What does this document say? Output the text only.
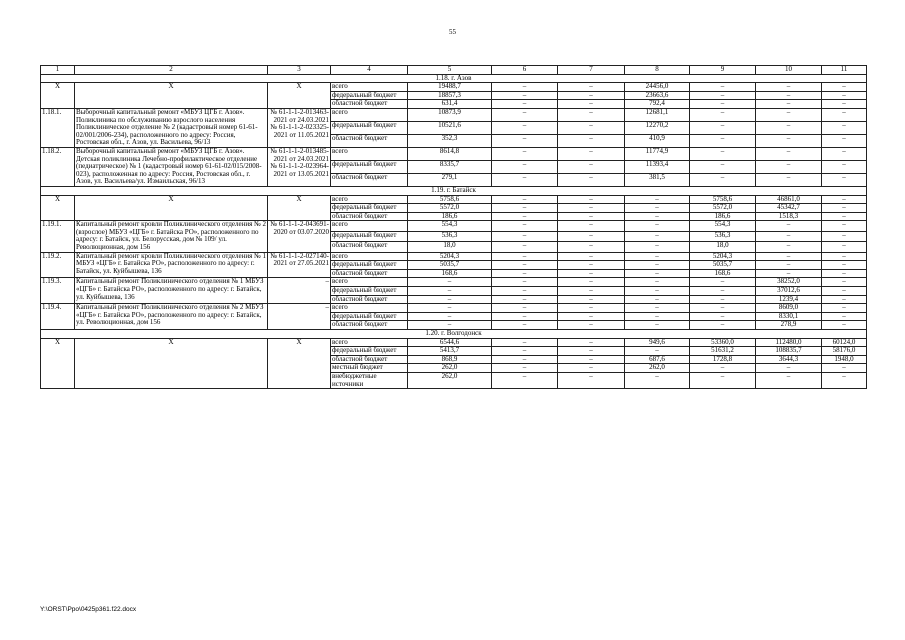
55
1	2	3	4	5	6	7	8	9	10	11
1.18. г. Азов										
X	X	X	всего	19488,7	–	–	24456,0	–	–	–
			федеральный бюджет	18857,3	–	–	23663,6	–	–	–
			областной бюджет	631,4	–	–	792,4	–	–	–
1.18.1.	Выборочный капитальный ремонт «МБУЗ ЦГБ г. Азов». Поликлиника по обслуживанию взрослого населения Поликлиническое отделение № 2 (кадастровый номер 61-61-02/001/2006-234), расположенного по адресу: Россия, Ростовская обл., г. Азов, ул. Васильева, 96/13	№ 61-1-1-2-013463-2021 от 24.03.2021 № 61-1-1-2-023325-2021 от 11.05.2021	всего	10873,9	–	–	12681,1	–	–	–
			федеральный бюджет	10521,6	–	–	12270,2	–	–	–
			областной бюджет	352,3	–	–	410,9	–	–	–
1.18.2.	Выборочный капитальный ремонт «МБУЗ ЦГБ г. Азов». Детская поликлиника Лечебно-профилактическое отделение (педиатрическое) № 1 (кадастровый номер 61-61-02/015/2008-023), расположенная по адресу: Россия, Ростовская обл., г. Азов, ул. Васильева/ул. Измаильская, 96/13	№ 61-1-1-2-013485-2021 от 24.03.2021 № 61-1-1-2-023964-2021 от 13.05.2021	всего	8614,8	–	–	11774,9	–	–	–
			федеральный бюджет	8335,7	–	–	11393,4	–	–	–
			областной бюджет	279,1	–	–	381,5	–	–	–
1.19. г. Батайск										
X	X	X	всего	5758,6	–	–	–	5758,6	46861,0	–
			федеральный бюджет	5572,0	–	–	–	5572,0	45342,7	–
			областной бюджет	186,6	–	–	–	186,6	1518,3	–
1.19.1.	Капитальный ремонт кровли Поликлинического отделения № 2 (взрослое) МБУЗ «ЦГБ» г. Батайска РО», расположенного по адресу: г. Батайск, ул. Белорусская, дом № 109/ ул. Революционная, дом 156	№ 61-1-1-2-043691-2020 от 03.07.2020	всего	554,3	–	–	–	554,3	–	–
			федеральный бюджет	536,3	–	–	–	536,3	–	–
			областной бюджет	18,0	–	–	–	18,0	–	–
1.19.2.	Капитальный ремонт кровли Поликлинического отделения № 1 МБУЗ «ЦГБ» г. Батайска РО», расположенного по адресу: г. Батайск, ул. Куйбышева, 136	№ 61-1-1-2-027140-2021 от 27.05.2021	всего	5204,3	–	–	–	5204,3	–	–
			федеральный бюджет	5035,7	–	–	–	5035,7	–	–
			областной бюджет	168,6	–	–	–	168,6	–	–
1.19.3.	Капитальный ремонт Поликлинического отделения № 1 МБУЗ «ЦГБ» г. Батайска РО», расположенного по адресу: г. Батайск, ул. Куйбышева, 136	–	всего	–	–	–	–	–	38252,0	–
			федеральный бюджет	–	–	–	–	–	37012,6	–
			областной бюджет	–	–	–	–	–	1239,4	–
1.19.4.	Капитальный ремонт Поликлинического отделения № 2 МБУЗ «ЦГБ» г. Батайска РО», расположенного по адресу: г. Батайск, ул. Революционная, дом 156	–	всего	–	–	–	–	–	8609,0	–
			федеральный бюджет	–	–	–	–	–	8330,1	–
			областной бюджет	–	–	–	–	–	278,9	–
1.20. г. Волгодонск										
X	X	X	всего	6544,6	–	–	949,6	53360,0	112480,0	60124,0
			федеральный бюджет	5413,7	–	–	–	51631,2	108835,7	58176,0
			областной бюджет	868,9	–	–	687,6	1728,8	3644,3	1948,0
			местный бюджет	262,0	–	–	262,0	–	–	–
			внебюджетные источники	262,0	–	–	–	–	–	–
Y:\ORST\Ppo\0425p361.f22.docx
